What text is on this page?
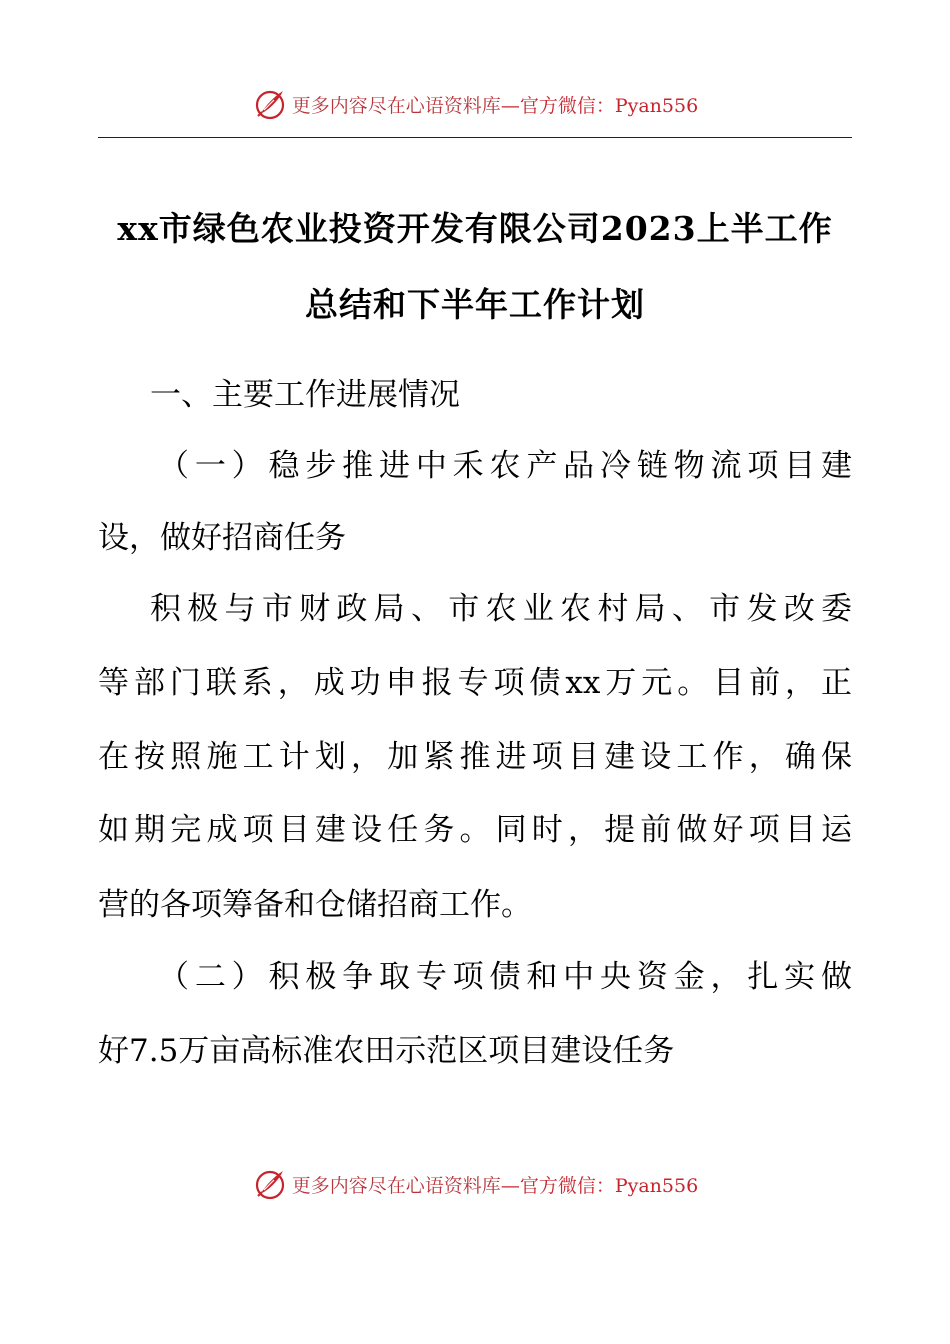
更多内容尽在心语资料库—官方微信：Pyan556
xx市绿色农业投资开发有限公司2023上半工作
总结和下半年工作计划
一、主要工作进展情况
（一）稳步推进中禾农产品冷链物流项目建
设，做好招商任务
积极与市财政局、市农业农村局、市发改委
等部门联系，成功申报专项债xx万元。目前，正
在按照施工计划，加紧推进项目建设工作，确保
如期完成项目建设任务。同时，提前做好项目运
营的各项筹备和仓储招商工作。
（二）积极争取专项债和中央资金，扎实做
好7.5万亩高标准农田示范区项目建设任务
更多内容尽在心语资料库—官方微信：Pyan556
